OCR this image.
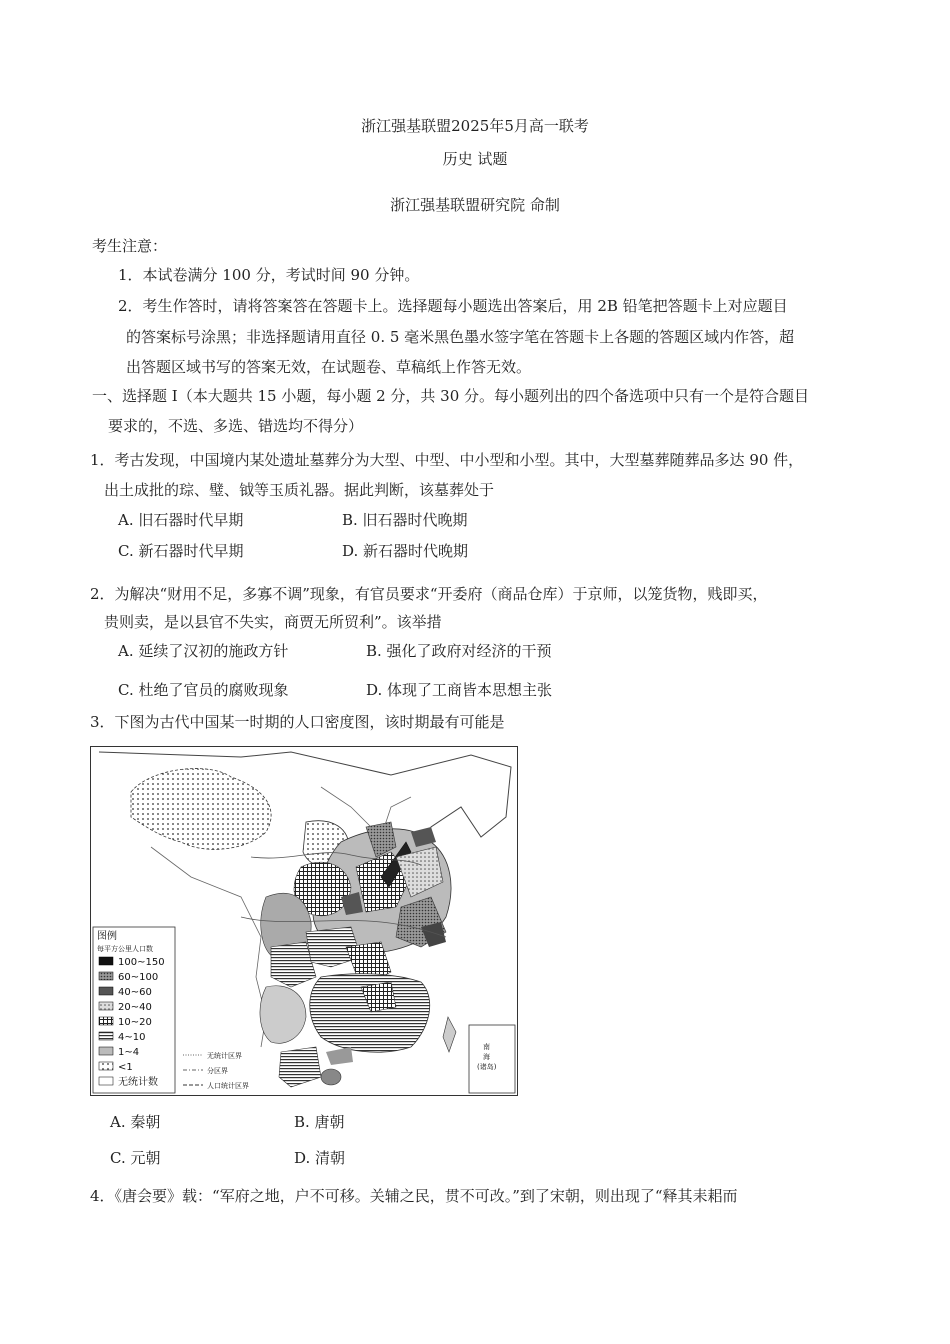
浙江强基联盟2025年5月高一联考
历史 试题
浙江强基联盟研究院 命制
考生注意：
1．本试卷满分 100 分，考试时间 90 分钟。
2．考生作答时，请将答案答在答题卡上。选择题每小题选出答案后，用 2B 铅笔把答题卡上对应题目
的答案标号涂黑；非选择题请用直径 0. 5 毫米黑色墨水签字笔在答题卡上各题的答题区域内作答，超
出答题区域书写的答案无效，在试题卷、草稿纸上作答无效。
一、选择题 I（本大题共 15 小题，每小题 2 分，共 30 分。每小题列出的四个备选项中只有一个是符合题目
要求的，不选、多选、错选均不得分）
1．考古发现，中国境内某处遗址墓葬分为大型、中型、中小型和小型。其中，大型墓葬随葬品多达 90 件，
出土成批的琮、璧、钺等玉质礼器。据此判断，该墓葬处于
A. 旧石器时代早期	B. 旧石器时代晚期
C. 新石器时代早期	D. 新石器时代晚期
2．为解决“财用不足，多寡不调”现象，有官员要求“开委府（商品仓库）于京师，以笼货物，贱即买，
贵则卖，是以县官不失实，商贾无所贸利”。该举措
A. 延续了汉初的施政方针	B. 强化了政府对经济的干预
C. 杜绝了官员的腐败现象	D. 体现了工商皆本思想主张
3．下图为古代中国某一时期的人口密度图，该时期最有可能是
南
海
(诸岛)
图例
每平方公里人口数
100~150
60~100
40~60
20~40
10~20
4~10
1~4
<1
无统计数
无统计区界
分区界
人口统计区界
A. 秦朝	B. 唐朝
C. 元朝	D. 清朝
4．《唐会要》载：“军府之地，户不可移。关辅之民，贯不可改。”到了宋朝，则出现了“释其耒耜而
